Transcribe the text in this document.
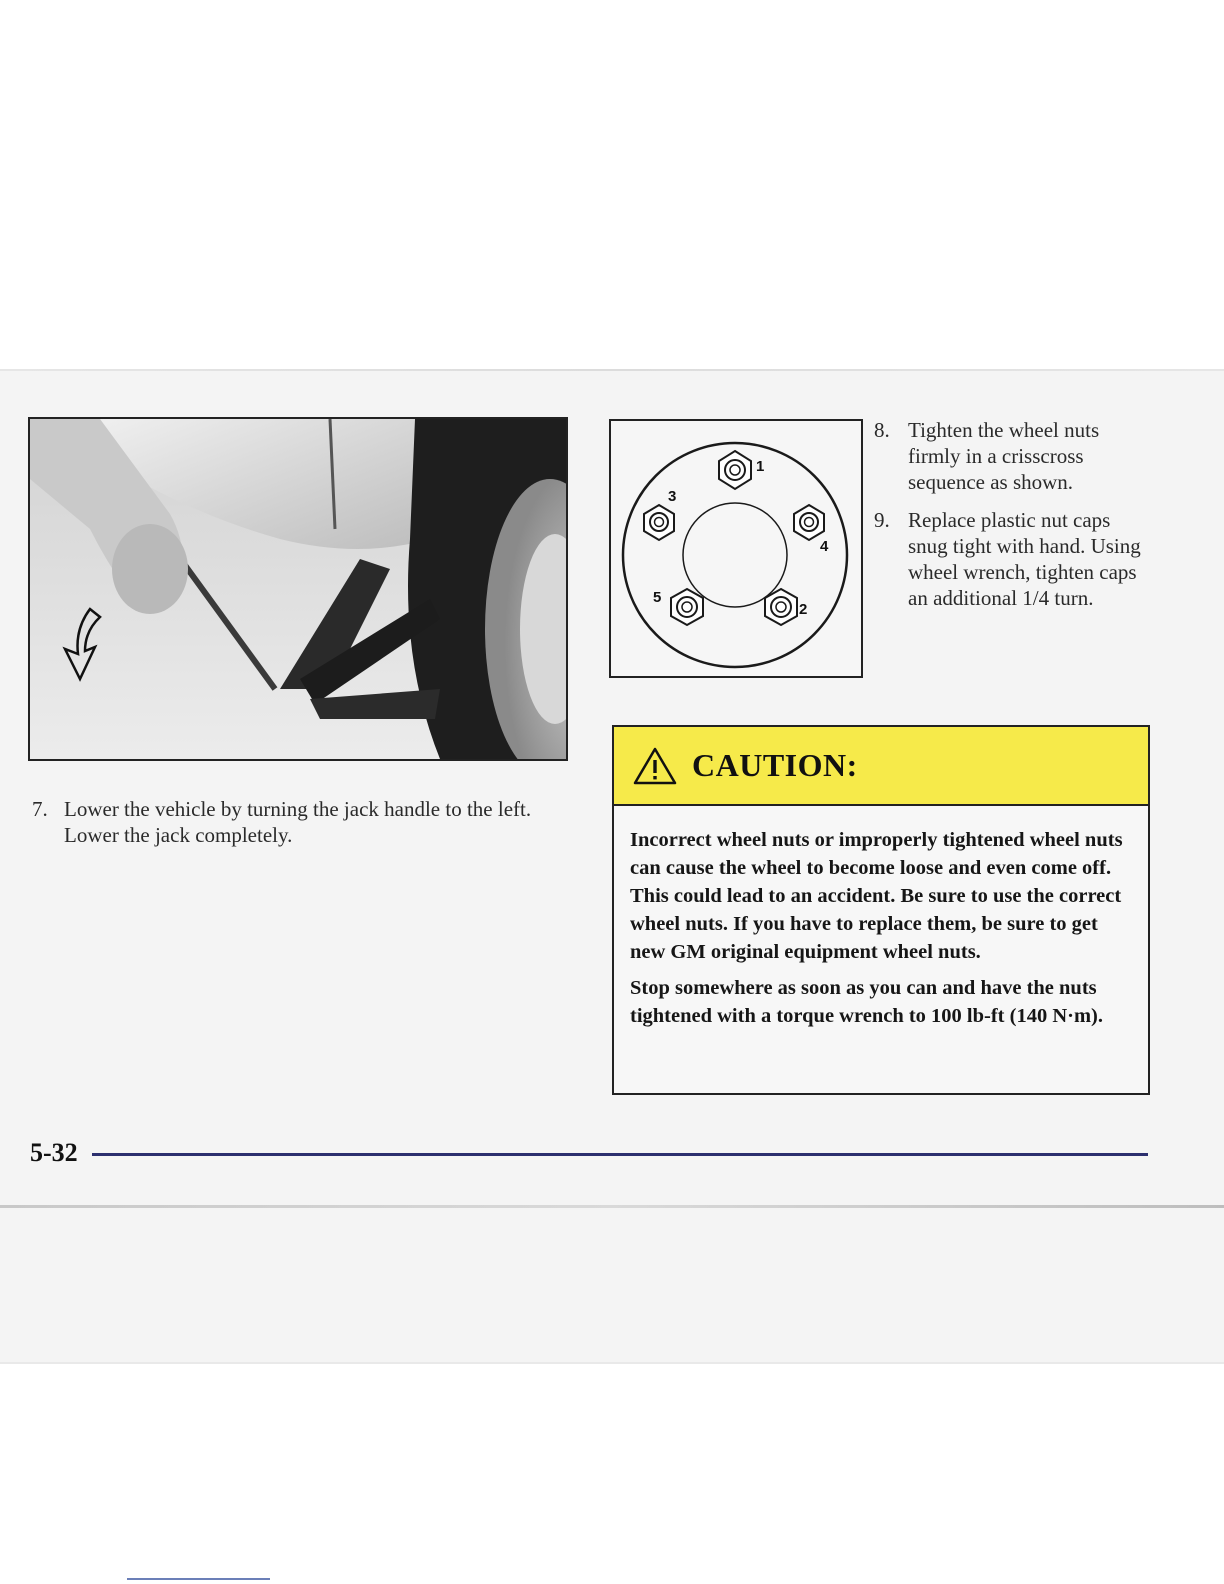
1
2
3
4
5
7. Lower the vehicle by turning the jack handle to the left. Lower the jack completely.
8. Tighten the wheel nuts firmly in a crisscross sequence as shown.
9. Replace plastic nut caps snug tight with hand. Using wheel wrench, tighten caps an additional 1/4 turn.
CAUTION:

Incorrect wheel nuts or improperly tightened wheel nuts can cause the wheel to become loose and even come off. This could lead to an accident. Be sure to use the correct wheel nuts. If you have to replace them, be sure to get new GM original equipment wheel nuts.

Stop somewhere as soon as you can and have the nuts tightened with a torque wrench to 100 lb-ft (140 N·m).

5-32
